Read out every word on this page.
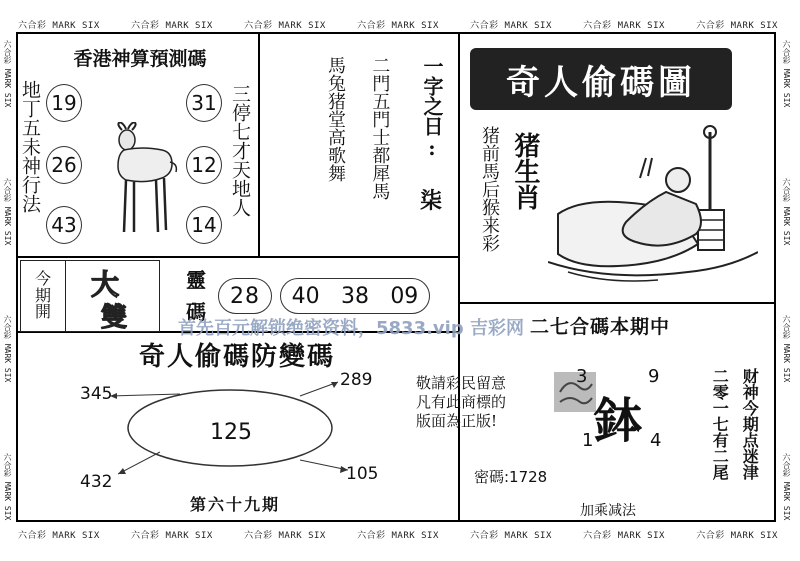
六合彩 MARK SIX	六合彩 MARK SIX	六合彩 MARK SIX	六合彩 MARK SIX	六合彩 MARK SIX	六合彩 MARK SIX	六合彩 MARK SIX
六合彩 MARK SIX	六合彩 MARK SIX	六合彩 MARK SIX	六合彩 MARK SIX	六合彩 MARK SIX	六合彩 MARK SIX	六合彩 MARK SIX
六合彩 MARK SIX
六合彩 MARK SIX
六合彩 MARK SIX
六合彩 MARK SIX
六合彩 MARK SIX
六合彩 MARK SIX
六合彩 MARK SIX
六合彩 MARK SIX
香港神算預測碼
地丁五未神行法	三停七才天地人
19
26
43
31
12
14
馬兔猪堂高歌舞 二門五門士都犀馬 一字之日:
柒
奇人偷碼圖
猪生肖
猪前馬后猴来彩
今期開
大
雙
靈
碼
28	40 38 09
首先百元解锁绝密资料，5833.vip 吉彩网
奇人偷碼防變碼
125
345
289
432	105
第六十九期
二七合碼本期中
敬請彩民留意
凡有此商標的
版面為正版!
3	9
鉢
1	4
密碼:1728
加乘减法
二零一七有二尾 财神今期点迷津
